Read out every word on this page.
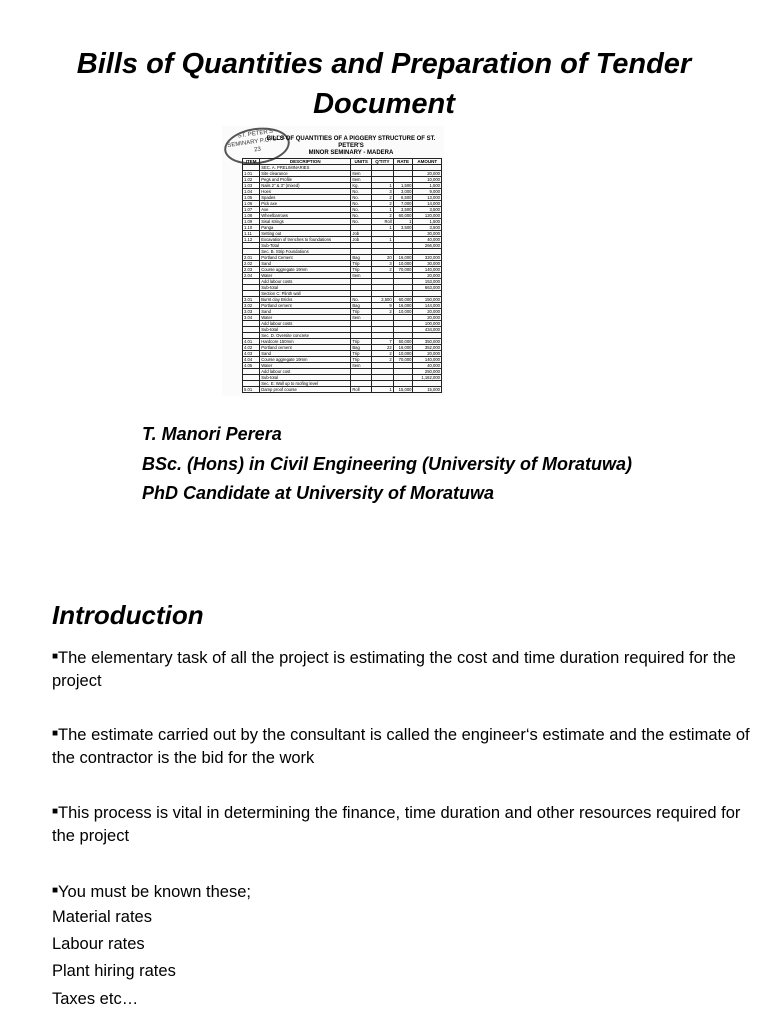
Bills of Quantities and Preparation of Tender Document
ST. PETER'S SEMINARY P.O. BOX 23
BILLS OF QUANTITIES OF A PIGGERY STRUCTURE OF ST. PETER'S
MINOR SEMINARY - MADERA
ITEM	DESCRIPTION	UNITS	Q'TITY	RATE	AMOUNT
	SEC. A. PRELIMINARIES				
1.01	Site clearance	Item			20,000
1.02	Pegs and Profile	Item			10,000
1.03	Nails 2" & 3" (mixed)	Kg.	1	1,500	1,500
1.04	Hoes	No.	3	3,000	9,000
1.05	Spades	No.	2	6,500	13,000
1.06	Pick axe	No.	2	7,000	14,000
1.07	Axe	No.	1	3,500	3,500
1.08	Wheelbarrows	No.	2	60,000	120,000
1.09	Sisal strings	No.	Roll	1	1,500
1.10	Panga		1	3,500	3,500
1.11	Setting out	Job			30,000
1.12	Excavation of trenches to foundations	Job	1		40,000
	Sub-Total				266,000
	Sec. B. Strip Foundations				
2.01	Portland Cement	Bag	20	16,000	320,000
2.02	Sand	Trip	3	10,000	30,000
2.03	Course aggregate 19mm	Trip	2	70,000	140,000
2.04	Water	Item			20,000
	Add labour costs				153,000
	Sub-total				663,000
	Section C: Plinth wall				
3.01	Burnt clay Bricks	No.	2,500	60,000	150,000
3.02	Portland cement	Bag	9	16,000	144,000
3.03	Sand	Trip	2	10,000	20,000
3.04	Water	Item			20,000
	Add labour costs				100,000
	Sub-total				434,000
	Sec. D. Oversite concrete				
4.01	Hardcore 150mm	Trip	7	50,000	350,000
4.02	Portland cement	Bag	22	16,000	352,000
4.03	Sand	Trip	2	10,000	20,000
4.04	Course aggregate 19mm	Trip	2	70,000	140,000
4.05	Water	Item			40,000
	Add labour cost				250,000
	Sub-total				1,162,000
	Sec. E: Wall up to roofing level				
5.01	Damp proof course	Roll	1	15,000	15,000
T. Manori Perera
BSc. (Hons) in Civil Engineering (University of Moratuwa)
PhD Candidate at University of Moratuwa
Introduction
■The elementary task of all the project is estimating the cost and time duration required for the project
■The estimate carried out by the consultant is called the engineer‘s estimate and the estimate of the contractor is the bid for the work
■This process is vital in determining the finance, time duration and other resources required for the project
■You must be known these;
Material rates
Labour rates
Plant hiring rates
Taxes etc…
